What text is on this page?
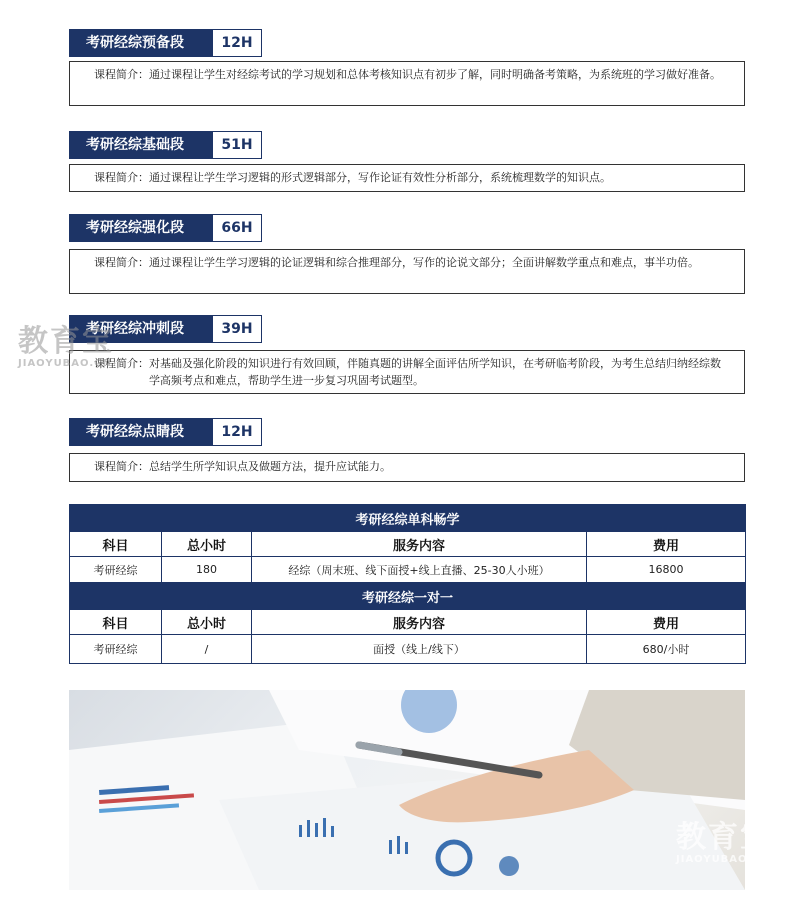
考研经综预备段	12H
课程简介： 通过课程让学生对经综考试的学习规划和总体考核知识点有初步了解，同时明确备考策略，为系统班的学习做好准备。
考研经综基础段	51H
课程简介： 通过课程让学生学习逻辑的形式逻辑部分，写作论证有效性分析部分，系统梳理数学的知识点。
考研经综强化段	66H
课程简介： 通过课程让学生学习逻辑的论证逻辑和综合推理部分，写作的论说文部分；全面讲解数学重点和难点，事半功倍。
考研经综冲刺段	39H
课程简介： 对基础及强化阶段的知识进行有效回顾，伴随真题的讲解全面评估所学知识，在考研临考阶段，为考生总结归纳经综数学高频考点和难点，帮助学生进一步复习巩固考试题型。
考研经综点睛段	12H
课程简介： 总结学生所学知识点及做题方法，提升应试能力。
考研经综单科畅学			
科目	总小时	服务内容	费用
考研经综	180	经综（周末班、线下面授+线上直播、25-30人小班）	16800
考研经综一对一			
科目	总小时	服务内容	费用
考研经综	/	面授（线上/线下）	680/小时
教育宝
JIAOYUBAO.CN
教育宝
JIAOYUBAO.CN
